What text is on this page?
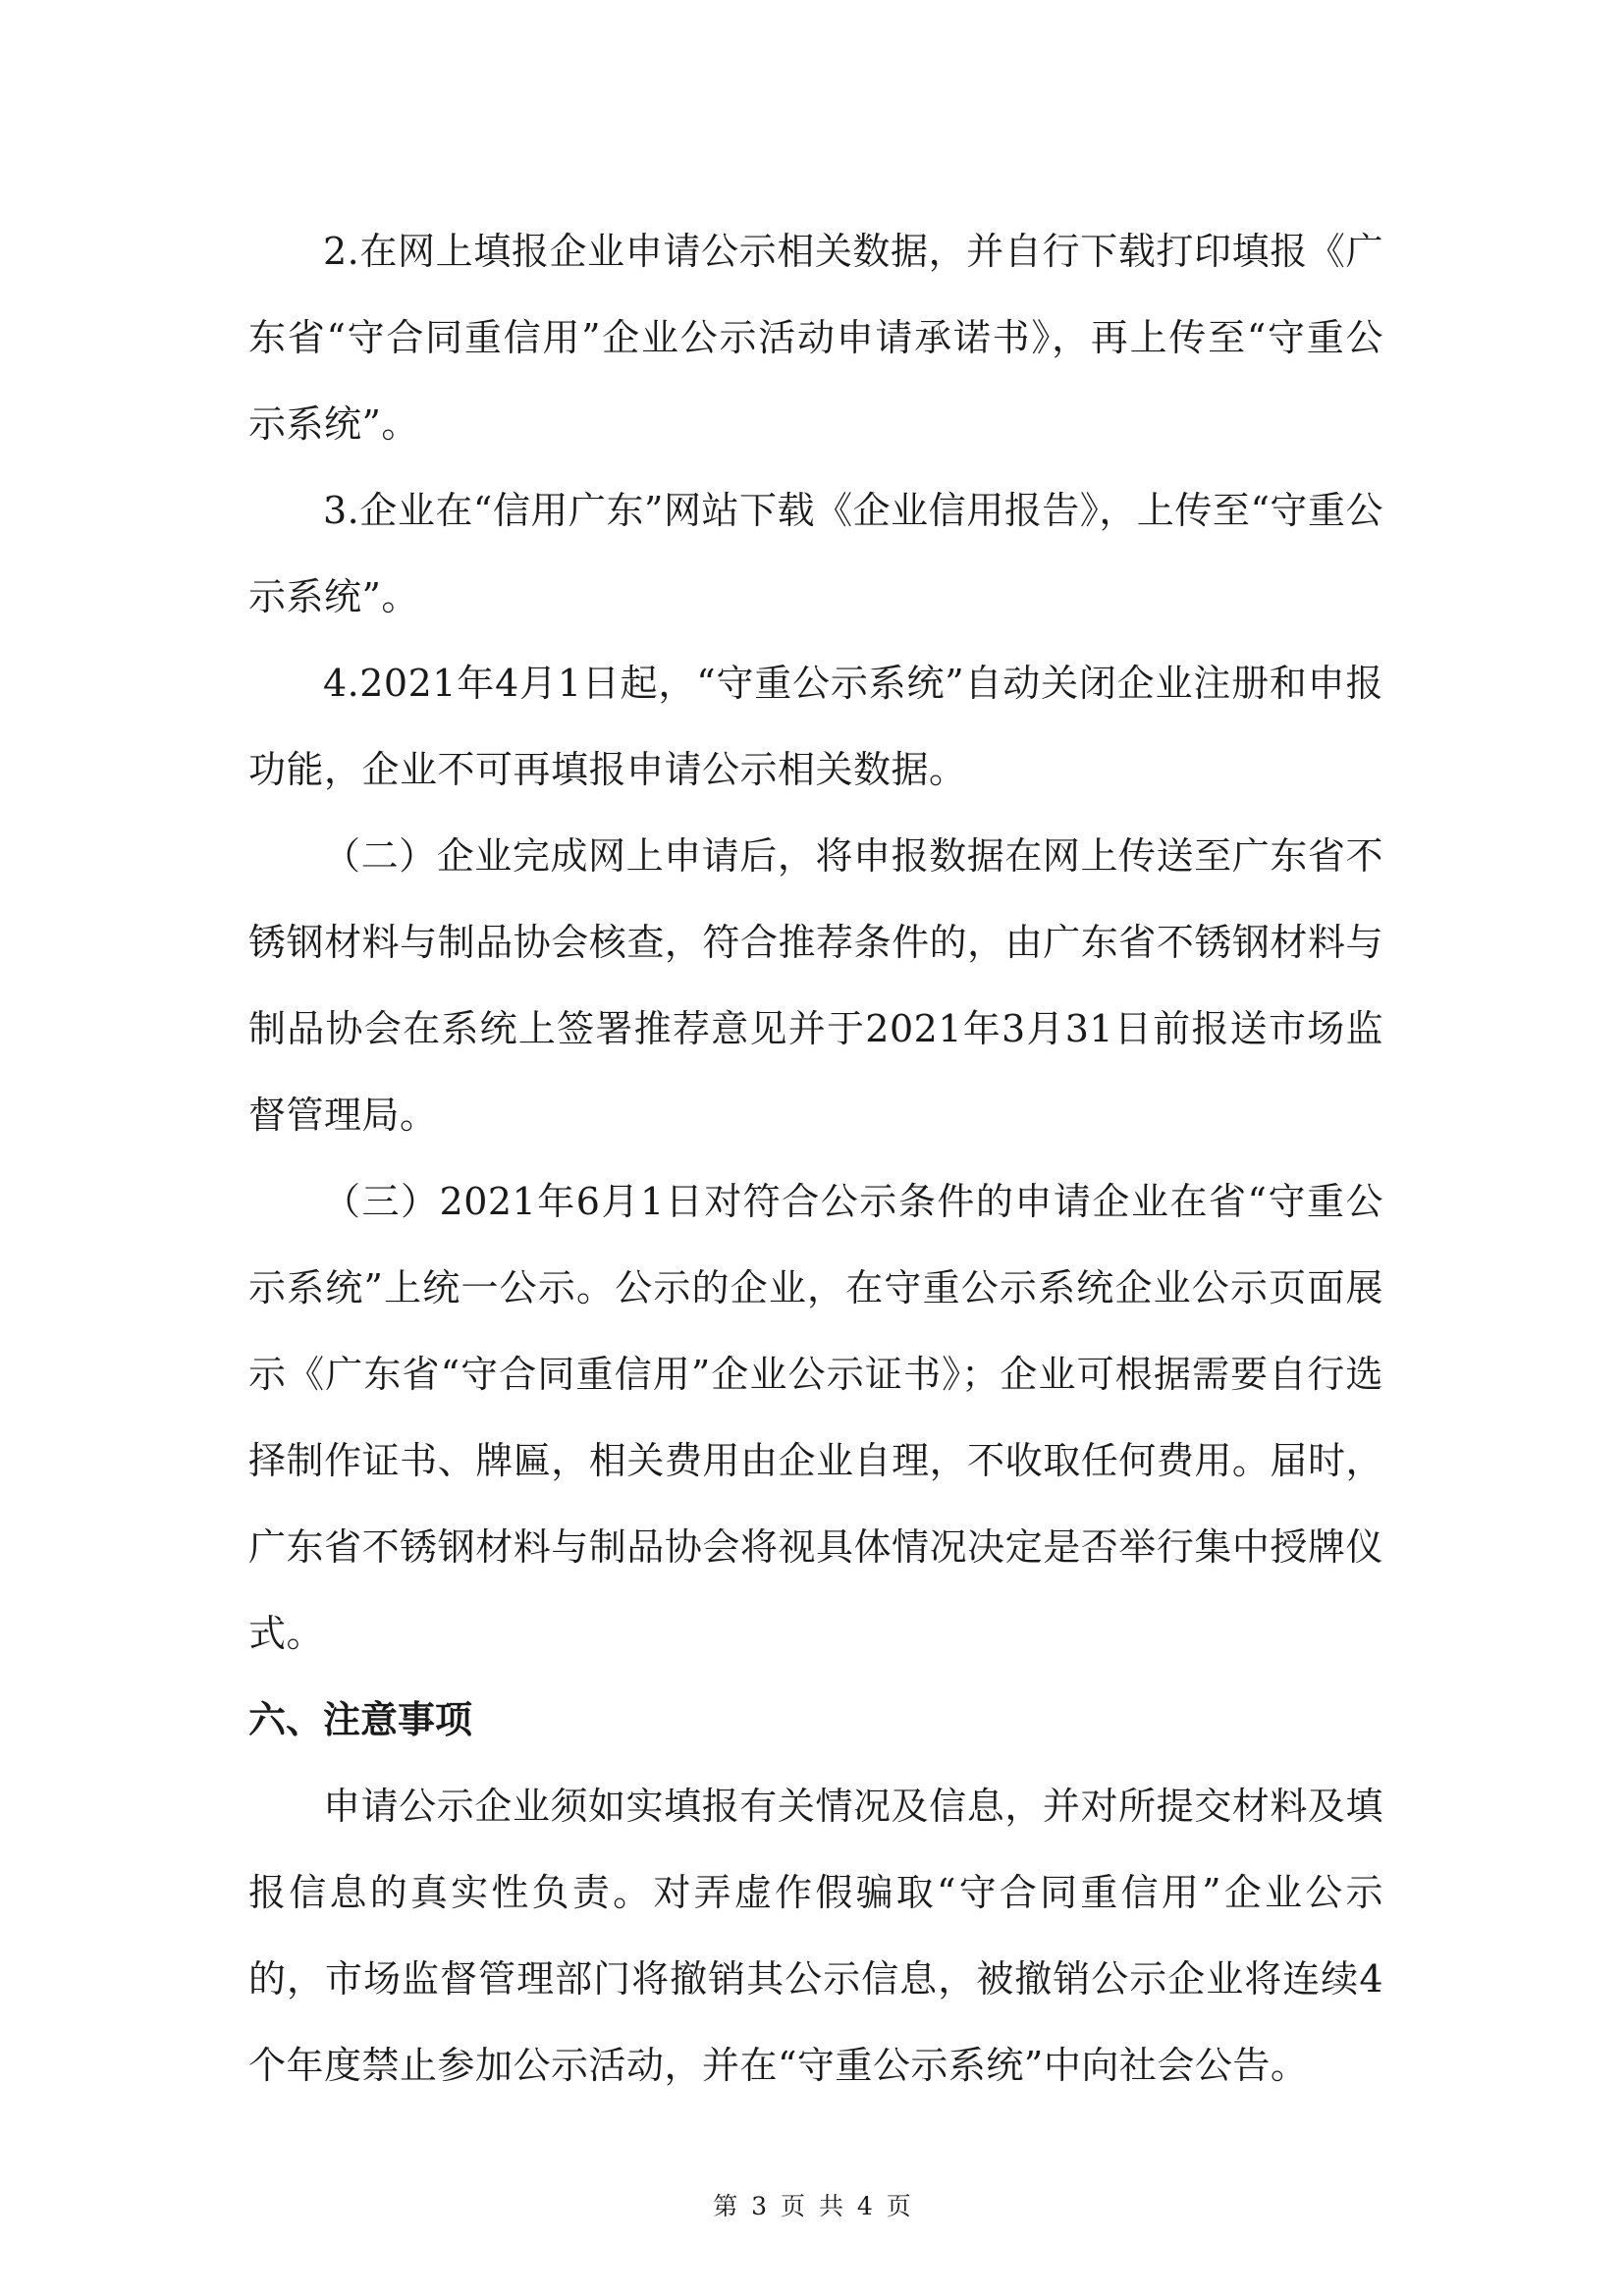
2.在网上填报企业申请公示相关数据，并自行下载打印填报《广东省“守合同重信用”企业公示活动申请承诺书》，再上传至“守重公示系统”。

3.企业在“信用广东”网站下载《企业信用报告》，上传至“守重公示系统”。

4.2021年4月1日起，“守重公示系统”自动关闭企业注册和申报功能，企业不可再填报申请公示相关数据。

（二）企业完成网上申请后，将申报数据在网上传送至广东省不锈钢材料与制品协会核查，符合推荐条件的，由广东省不锈钢材料与制品协会在系统上签署推荐意见并于2021年3月31日前报送市场监督管理局。

（三）2021年6月1日对符合公示条件的申请企业在省“守重公示系统”上统一公示。公示的企业，在守重公示系统企业公示页面展示《广东省“守合同重信用”企业公示证书》；企业可根据需要自行选择制作证书、牌匾，相关费用由企业自理，不收取任何费用。届时，广东省不锈钢材料与制品协会将视具体情况决定是否举行集中授牌仪式。

六、注意事项

申请公示企业须如实填报有关情况及信息，并对所提交材料及填报信息的真实性负责。对弄虚作假骗取“守合同重信用”企业公示的，市场监督管理部门将撤销其公示信息，被撤销公示企业将连续4个年度禁止参加公示活动，并在“守重公示系统”中向社会公告。

第 3 页 共 4 页
